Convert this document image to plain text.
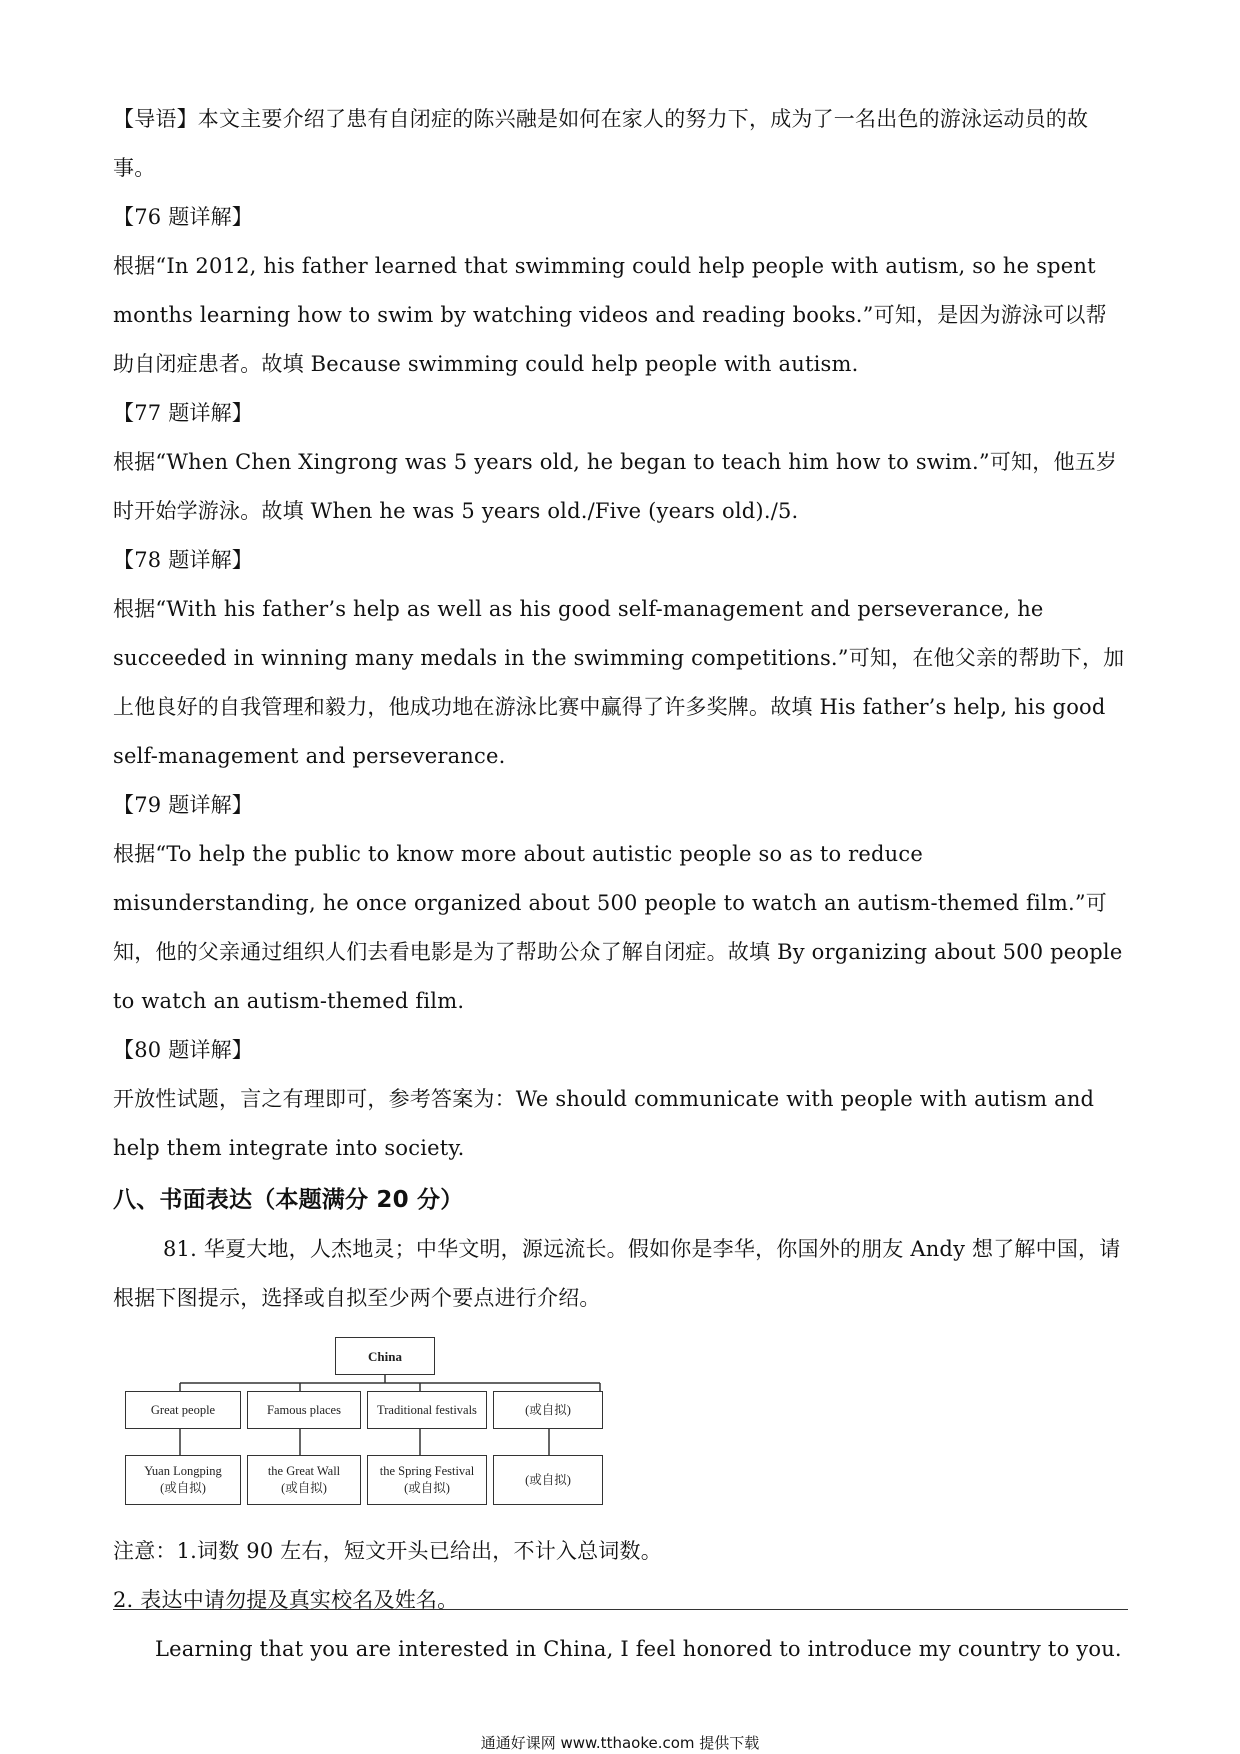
【导语】本文主要介绍了患有自闭症的陈兴融是如何在家人的努力下，成为了一名出色的游泳运动员的故事。

【76 题详解】

根据“In 2012, his father learned that swimming could help people with autism, so he spent months learning how to swim by watching videos and reading books.”可知，是因为游泳可以帮助自闭症患者。故填 Because swimming could help people with autism.

【77 题详解】

根据“When Chen Xingrong was 5 years old, he began to teach him how to swim.”可知，他五岁时开始学游泳。故填 When he was 5 years old./Five (years old)./5.

【78 题详解】

根据“With his father’s help as well as his good self-management and perseverance, he succeeded in winning many medals in the swimming competitions.”可知，在他父亲的帮助下，加上他良好的自我管理和毅力，他成功地在游泳比赛中赢得了许多奖牌。故填 His father’s help, his good self-management and perseverance.

【79 题详解】

根据“To help the public to know more about autistic people so as to reduce misunderstanding, he once organized about 500 people to watch an autism-themed film.”可知，他的父亲通过组织人们去看电影是为了帮助公众了解自闭症。故填 By organizing about 500 people to watch an autism-themed film.

【80 题详解】

开放性试题，言之有理即可，参考答案为：We should communicate with people with autism and help them integrate into society.

八、书面表达（本题满分 20 分）

81. 华夏大地，人杰地灵；中华文明，源远流长。假如你是李华，你国外的朋友 Andy 想了解中国，请根据下图提示，选择或自拟至少两个要点进行介绍。

China
Great people	Famous places	Traditional festivals	(或自拟)
Yuan Longping
(或自拟)
the Great Wall
(或自拟)
the Spring Festival
(或自拟)
(或自拟)

注意：1.词数 90 左右，短文开头已给出，不计入总词数。

2. 表达中请勿提及真实校名及姓名。

Learning that you are interested in China, I feel honored to introduce my country to you.

通通好课网 www.tthaoke.com 提供下载
